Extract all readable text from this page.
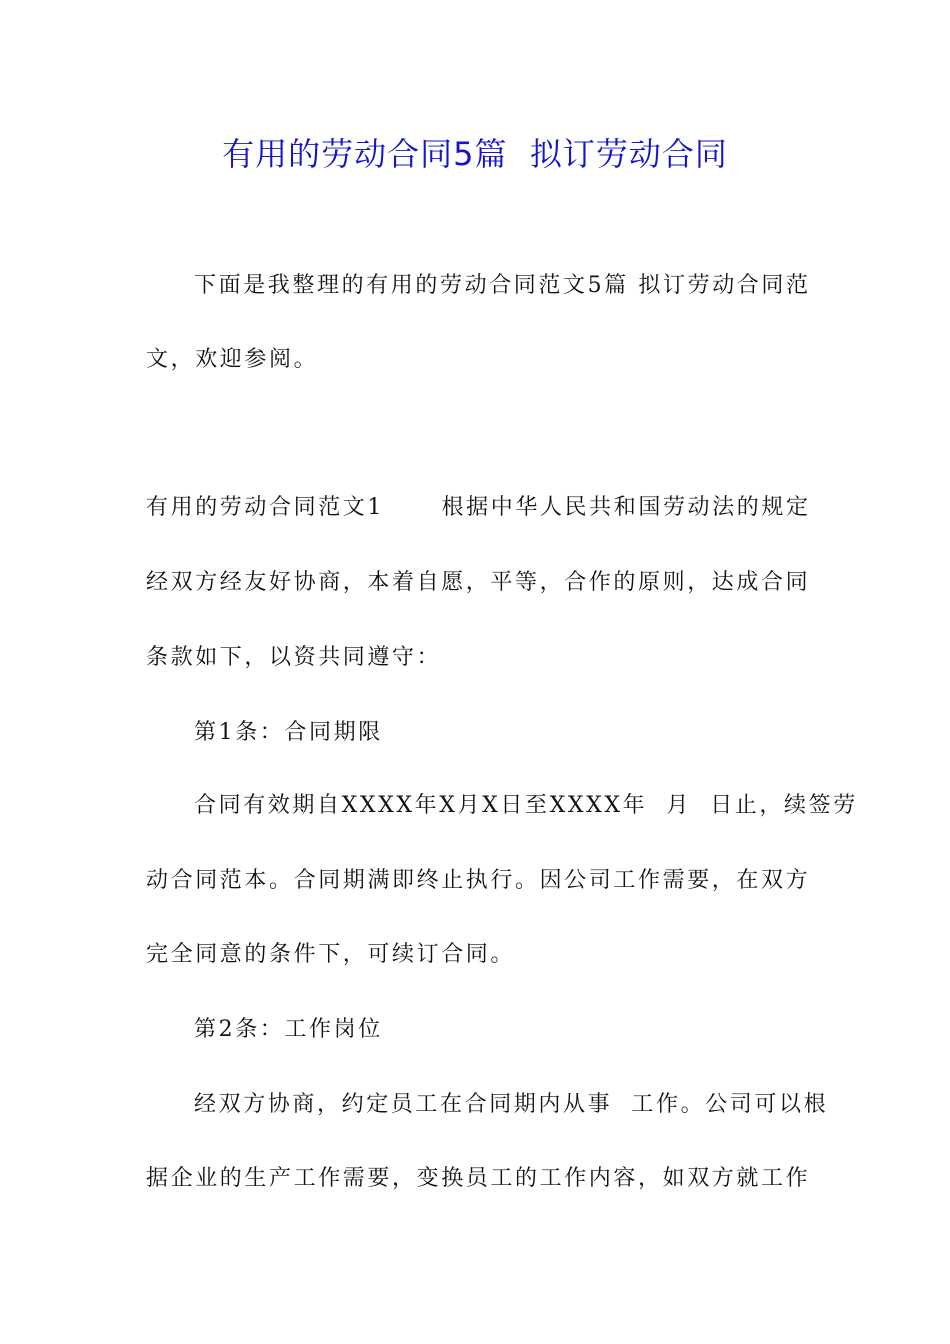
有用的劳动合同5篇  拟订劳动合同
下面是我整理的有用的劳动合同范文5篇 拟订劳动合同范
文，欢迎参阅。
有用的劳动合同范文1      根据中华人民共和国劳动法的规定
经双方经友好协商，本着自愿，平等，合作的原则，达成合同
条款如下，以资共同遵守：
第1条：合同期限
合同有效期自XXXX年X月X日至XXXX年  月  日止，续签劳
动合同范本。合同期满即终止执行。因公司工作需要，在双方
完全同意的条件下，可续订合同。
第2条：工作岗位
经双方协商，约定员工在合同期内从事  工作。公司可以根
据企业的生产工作需要，变换员工的工作内容，如双方就工作
